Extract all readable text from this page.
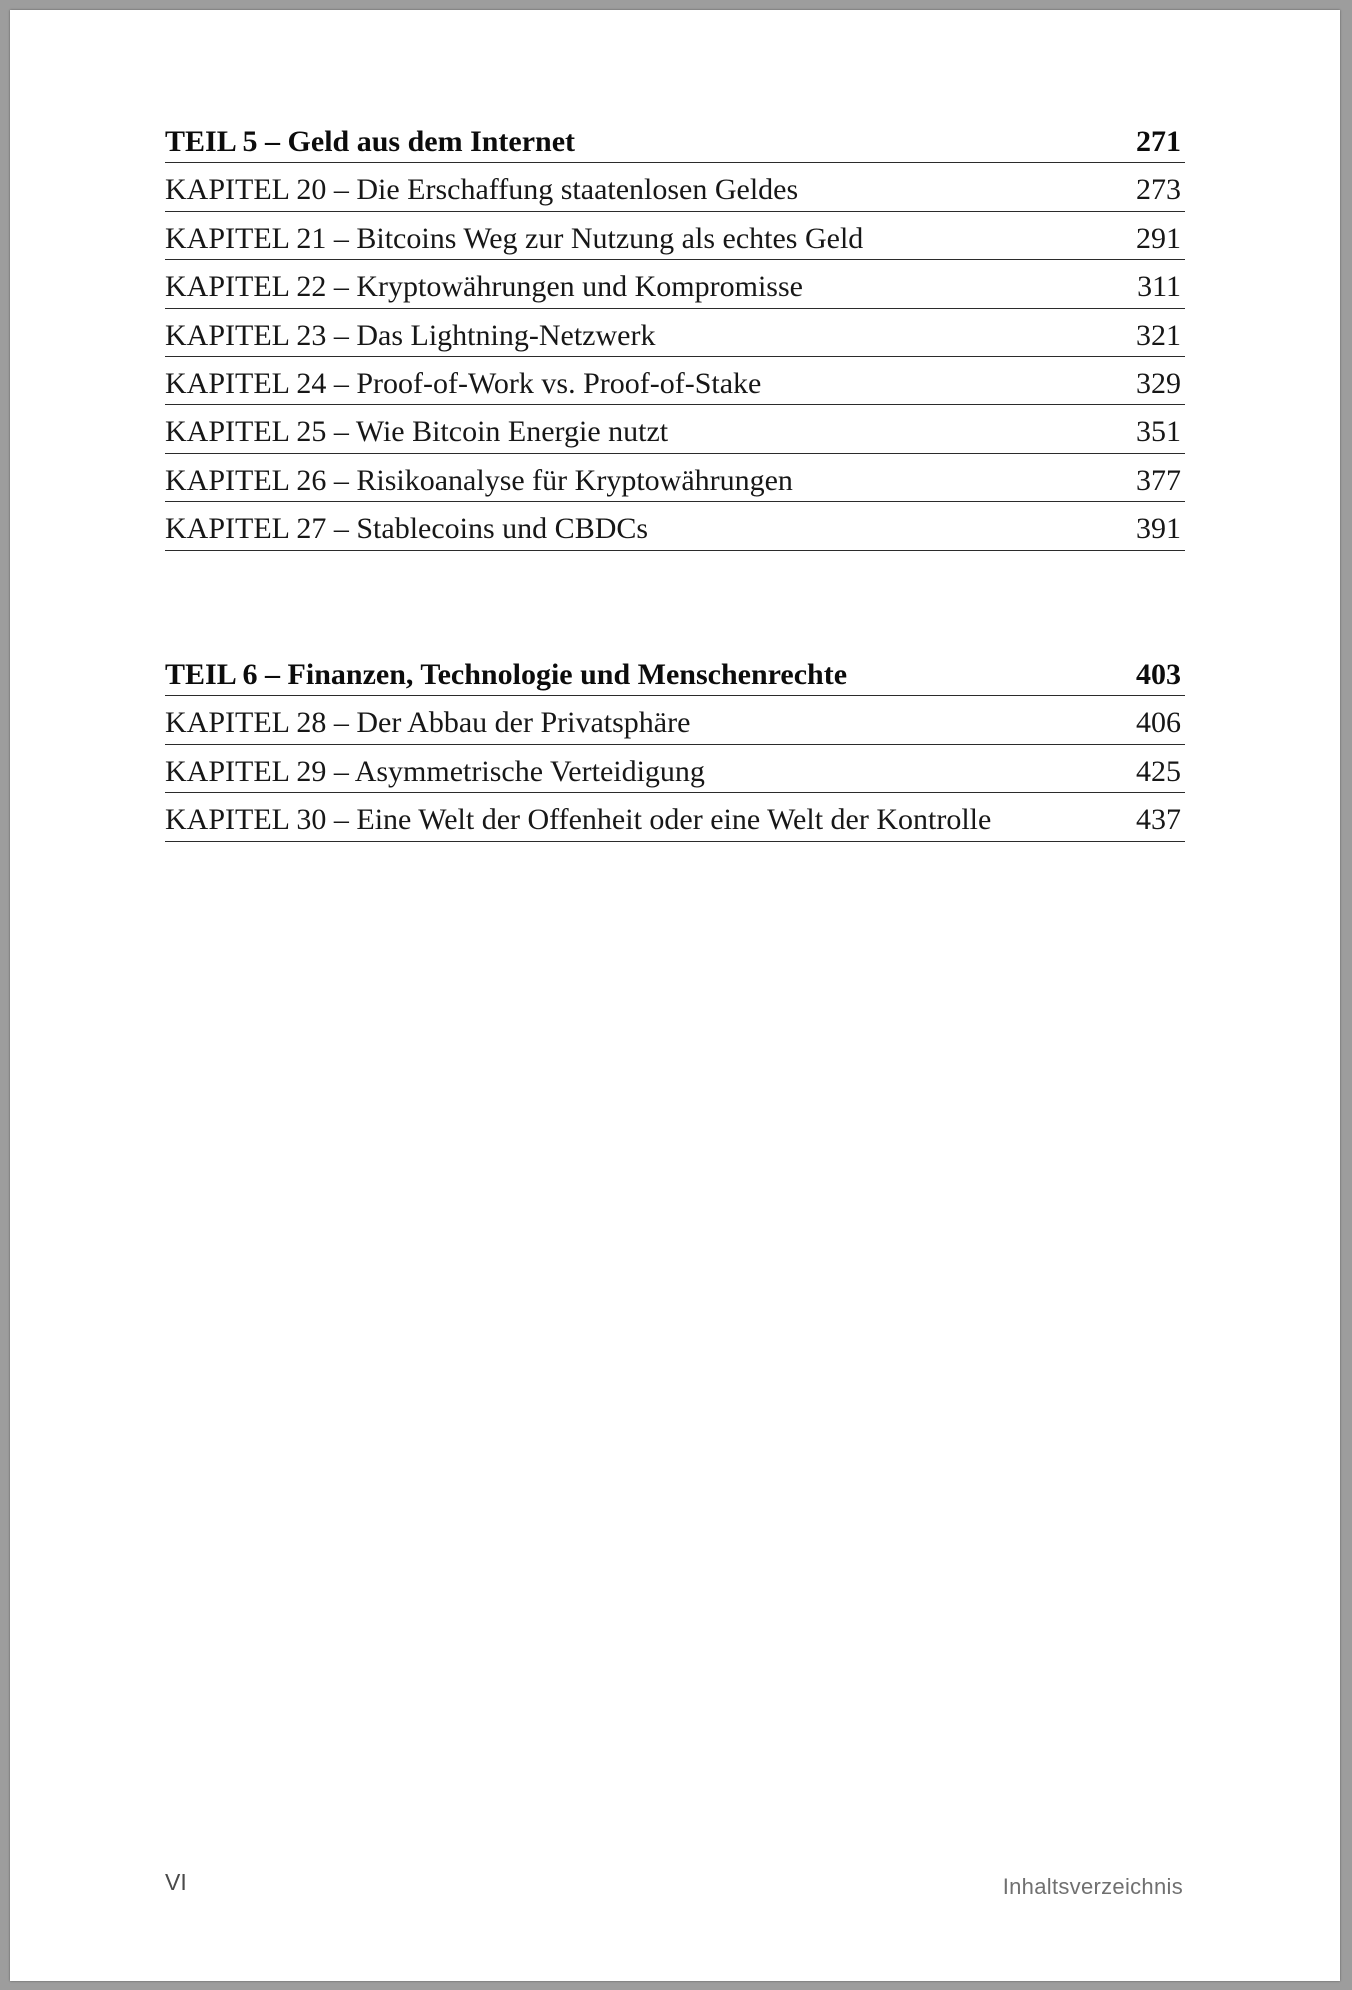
TEIL 5 – Geld aus dem Internet	271
KAPITEL 20 – Die Erschaffung staatenlosen Geldes	273
KAPITEL 21 – Bitcoins Weg zur Nutzung als echtes Geld	291
KAPITEL 22 – Kryptowährungen und Kompromisse	311
KAPITEL 23 – Das Lightning-Netzwerk	321
KAPITEL 24 – Proof-of-Work vs. Proof-of-Stake	329
KAPITEL 25 – Wie Bitcoin Energie nutzt	351
KAPITEL 26 – Risikoanalyse für Kryptowährungen	377
KAPITEL 27 – Stablecoins und CBDCs	391
TEIL 6 – Finanzen, Technologie und Menschenrechte	403
KAPITEL 28 – Der Abbau der Privatsphäre	406
KAPITEL 29 – Asymmetrische Verteidigung	425
KAPITEL 30 – Eine Welt der Offenheit oder eine Welt der Kontrolle	437
VI	Inhaltsverzeichnis
